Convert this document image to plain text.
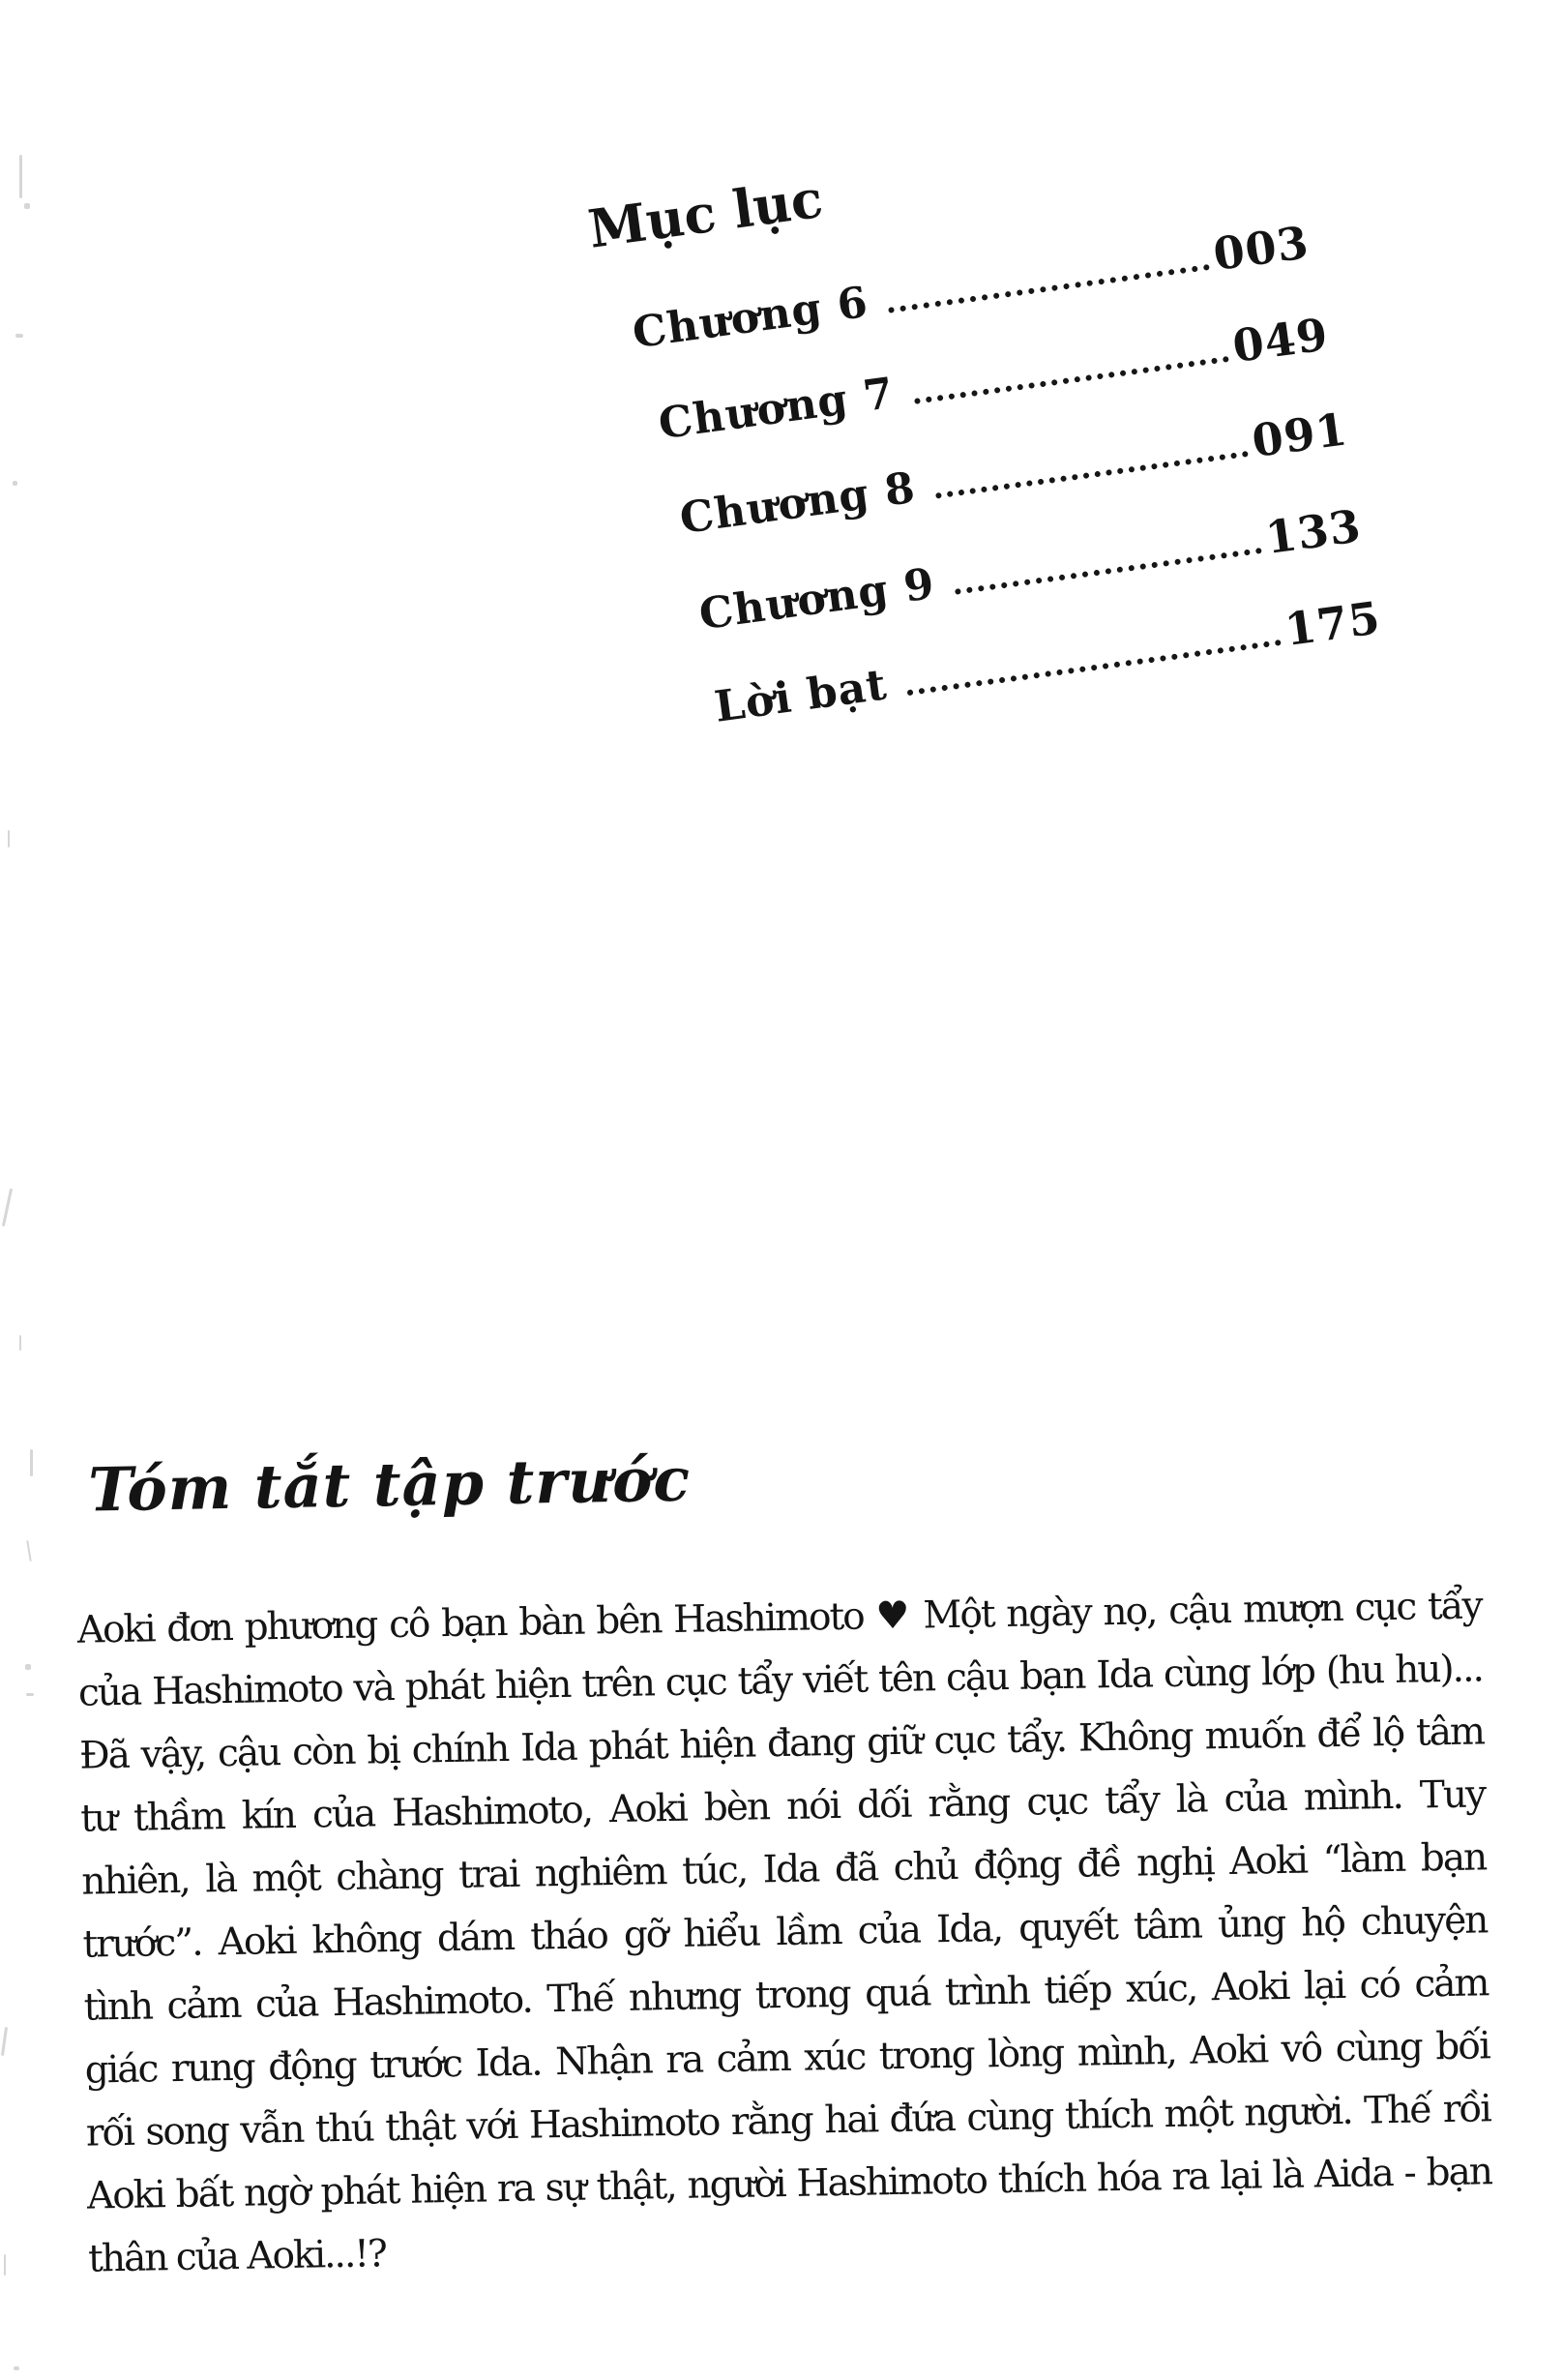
Mục lục
Chương 6
003
Chương 7
049
Chương 8
091
Chương 9
133
Lời bạt
175
Tóm tắt tập trước
Aoki đơn phương cô bạn bàn bên Hashimoto ♥ Một ngày nọ, cậu mượn cục tẩy
của Hashimoto và phát hiện trên cục tẩy viết tên cậu bạn Ida cùng lớp (hu hu)...
Đã vậy, cậu còn bị chính Ida phát hiện đang giữ cục tẩy. Không muốn để lộ tâm
tư thầm kín của Hashimoto, Aoki bèn nói dối rằng cục tẩy là của mình. Tuy
nhiên, là một chàng trai nghiêm túc, Ida đã chủ động đề nghị Aoki “làm bạn
trước”. Aoki không dám tháo gỡ hiểu lầm của Ida, quyết tâm ủng hộ chuyện
tình cảm của Hashimoto. Thế nhưng trong quá trình tiếp xúc, Aoki lại có cảm
giác rung động trước Ida. Nhận ra cảm xúc trong lòng mình, Aoki vô cùng bối
rối song vẫn thú thật với Hashimoto rằng hai đứa cùng thích một người. Thế rồi
Aoki bất ngờ phát hiện ra sự thật, người Hashimoto thích hóa ra lại là Aida - bạn
thân của Aoki...!?
